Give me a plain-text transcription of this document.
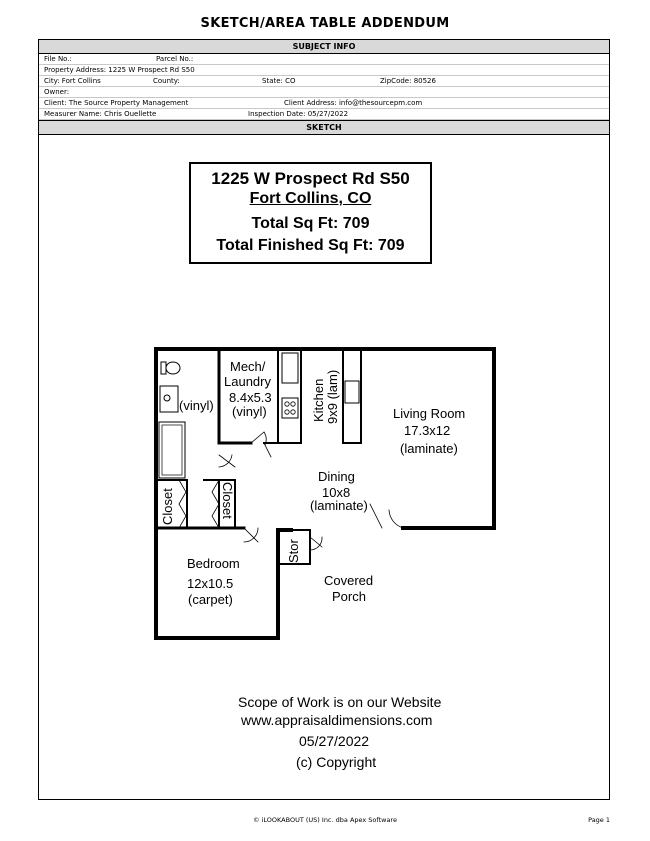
SKETCH/AREA TABLE ADDENDUM
SUBJECT INFO
File No.:	Parcel No.:
Property Address: 1225 W Prospect Rd S50
City: Fort Collins	County:	State: CO	ZipCode: 80526
Owner:
Client: The Source Property Management	Client Address: info@thesourcepm.com
Measurer Name: Chris Ouellette	Inspection Date: 05/27/2022
SKETCH
1225 W Prospect Rd S50
Fort Collins, CO
Total Sq Ft: 709
Total Finished Sq Ft: 709
Mech/
Laundry
8.4x5.3
(vinyl)
(vinyl)	Kitchen 9x9 (lam)	Living Room
17.3x12
(laminate)
Dining
10x8
(laminate)
Closet	Closet
Stor
Bedroom
12x10.5
(carpet)
Covered
Porch
Scope of Work is on our Website
www.appraisaldimensions.com
05/27/2022
(c) Copyright
© iLOOKABOUT (US) Inc. dba Apex Software	Page 1
